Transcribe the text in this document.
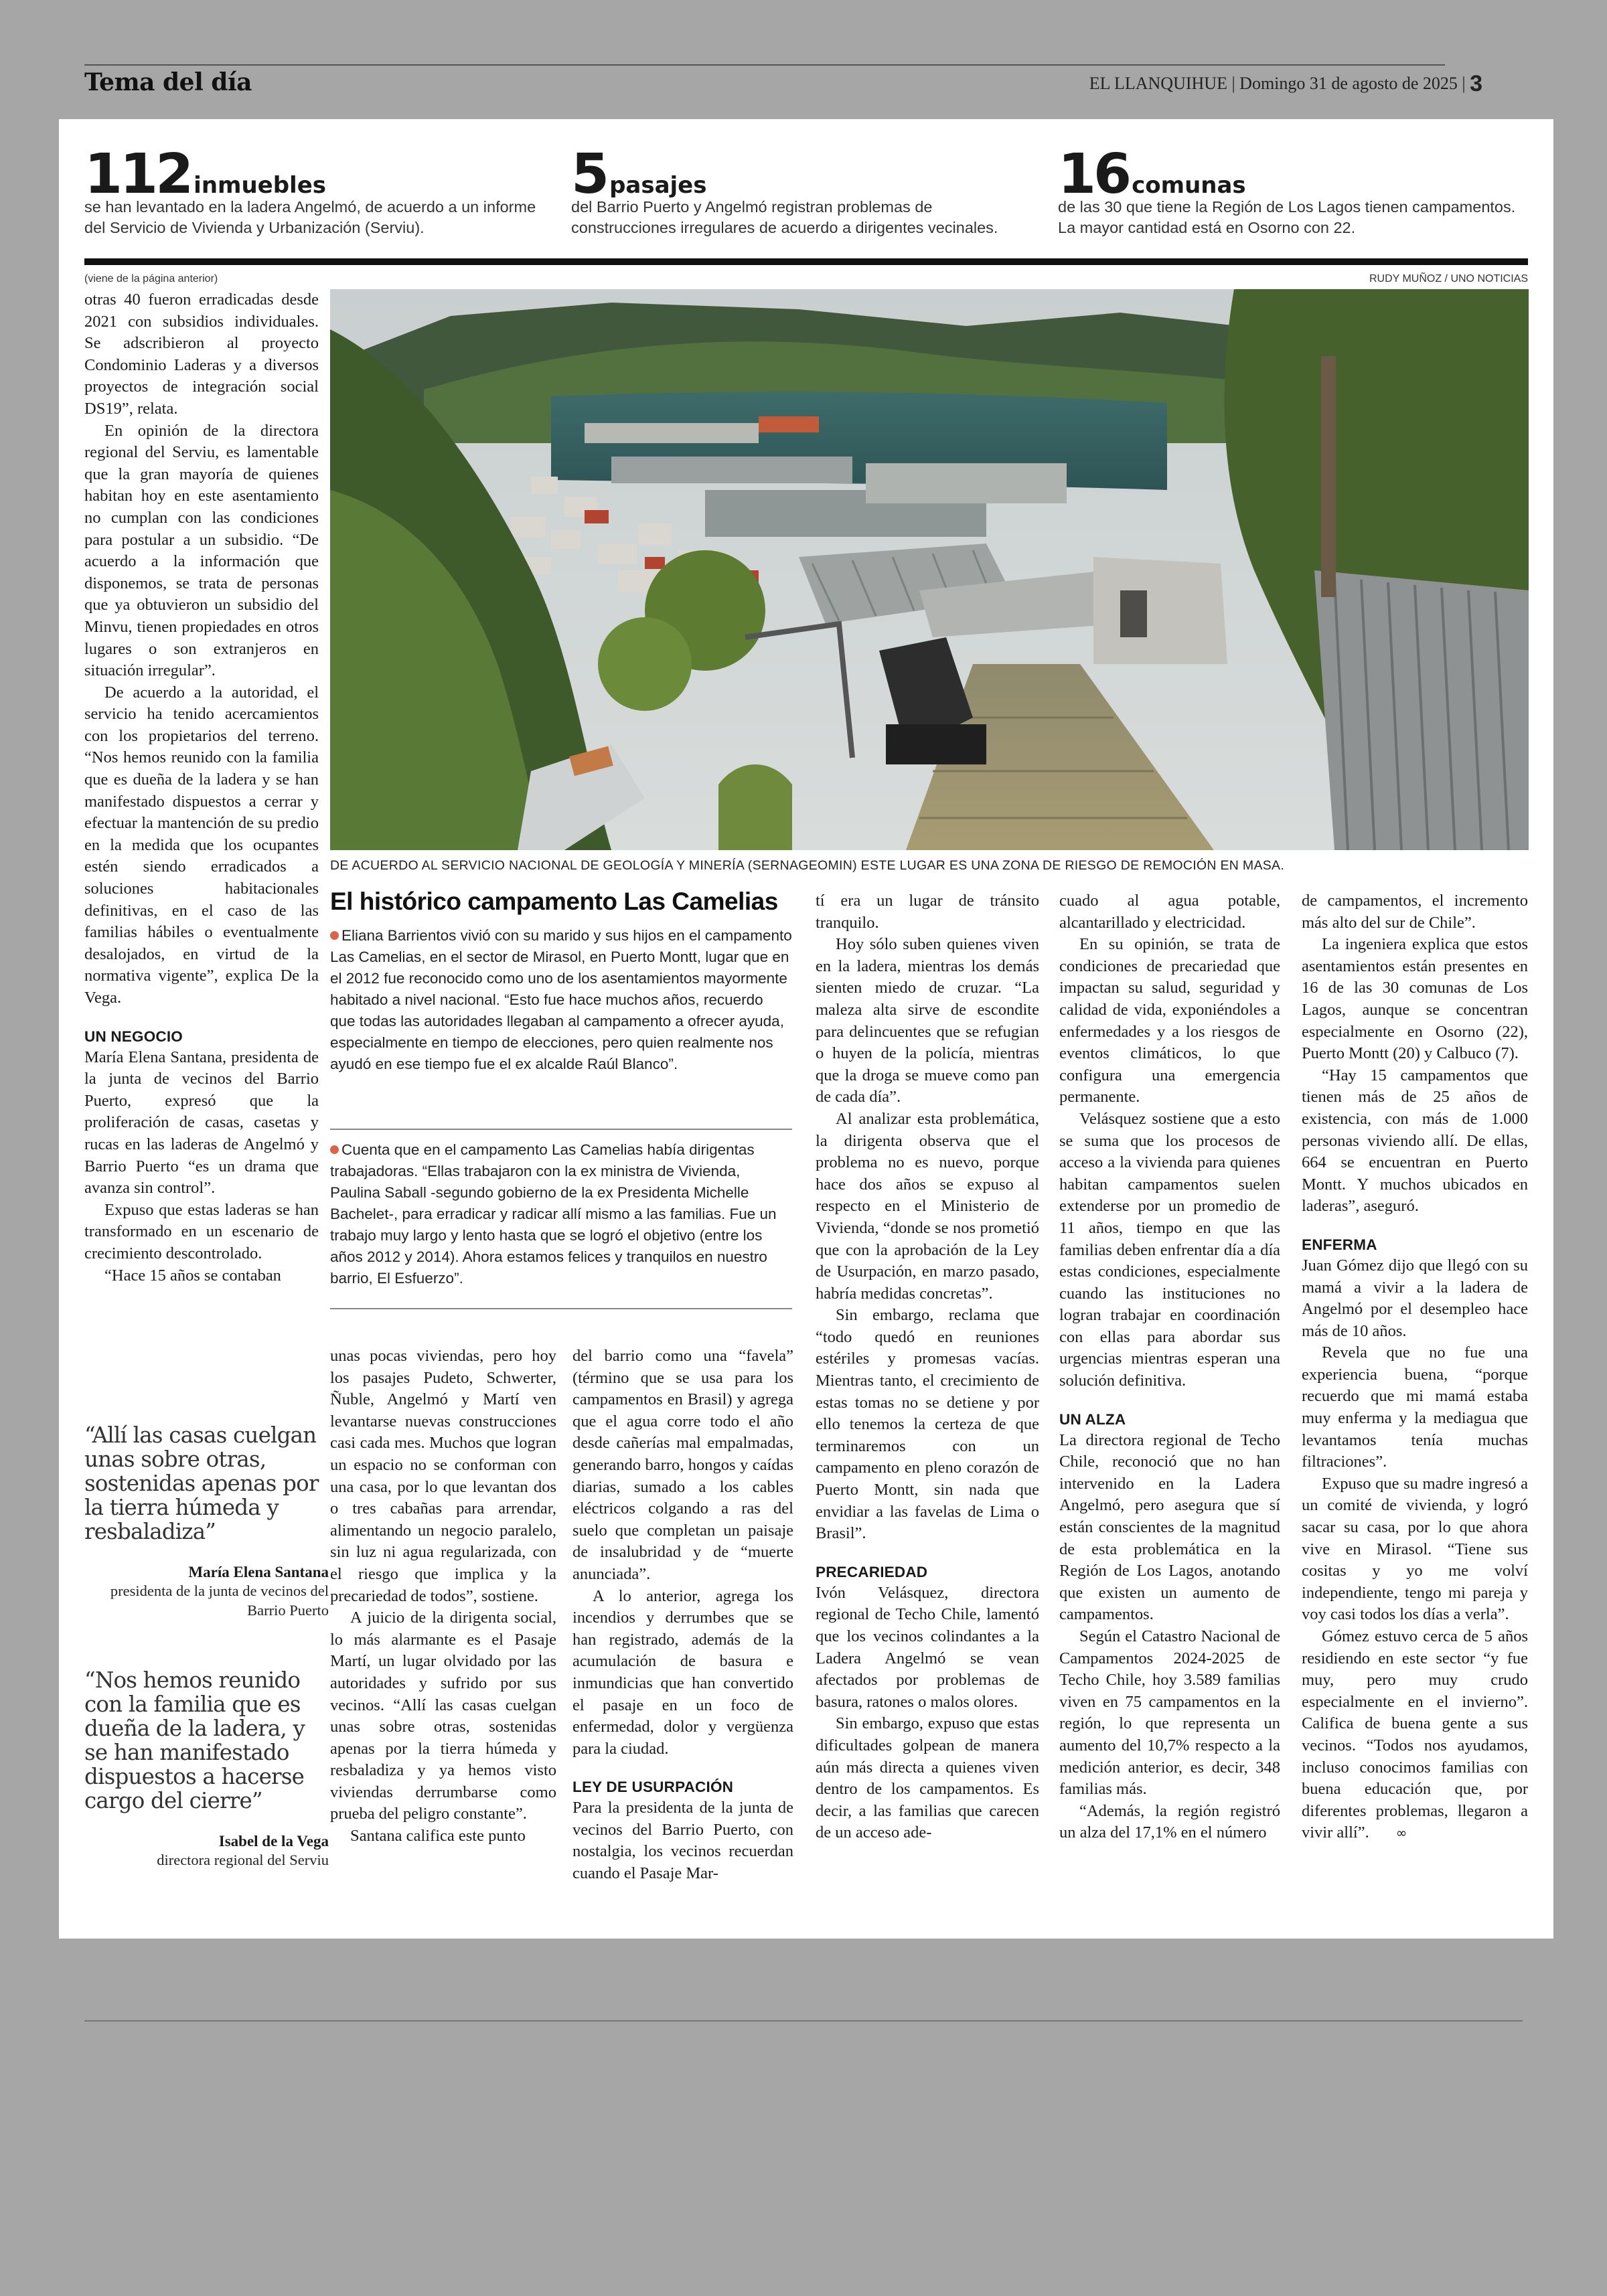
Tema del día	EL LLANQUIHUE | Domingo 31 de agosto de 2025 | 3
112 inmuebles
se han levantado en la ladera Angelmó, de acuerdo a un informe del Servicio de Vivienda y Urbanización (Serviu).
5 pasajes
del Barrio Puerto y Angelmó registran problemas de construcciones irregulares de acuerdo a dirigentes vecinales.
16 comunas
de las 30 que tiene la Región de Los Lagos tienen campamentos. La mayor cantidad está en Osorno con 22.
(viene de la página anterior)	RUDY MUÑOZ / UNO NOTICIAS
DE ACUERDO AL SERVICIO NACIONAL DE GEOLOGÍA Y MINERÍA (SERNAGEOMIN) ESTE LUGAR ES UNA ZONA DE RIESGO DE REMOCIÓN EN MASA.

otras 40 fueron erradicadas desde 2021 con subsidios individuales. Se adscribieron al proyecto Condominio Laderas y a diversos proyectos de integración social DS19”, relata.

En opinión de la directora regional del Serviu, es lamentable que la gran mayoría de quienes habitan hoy en este asentamiento no cumplan con las condiciones para postular a un subsidio. “De acuerdo a la información que disponemos, se trata de personas que ya obtuvieron un subsidio del Minvu, tienen propiedades en otros lugares o son extranjeros en situación irregular”.

De acuerdo a la autoridad, el servicio ha tenido acercamientos con los propietarios del terreno. “Nos hemos reunido con la familia que es dueña de la ladera y se han manifestado dispuestos a cerrar y efectuar la mantención de su predio en la medida que los ocupantes estén siendo erradicados a soluciones habitacionales definitivas, en el caso de las familias hábiles o eventualmente desalojados, en virtud de la normativa vigente”, explica De la Vega.

UN NEGOCIO

María Elena Santana, presidenta de la junta de vecinos del Barrio Puerto, expresó que la proliferación de casas, casetas y rucas en las laderas de Angelmó y Barrio Puerto “es un drama que avanza sin control”.

Expuso que estas laderas se han transformado en un escenario de crecimiento descontrolado.

“Hace 15 años se contaban

“Allí las casas cuelgan unas sobre otras, sostenidas apenas por la tierra húmeda y resbaladiza”
María Elena Santana
presidenta de la junta de vecinos del Barrio Puerto
“Nos hemos reunido con la familia que es dueña de la ladera, y se han manifestado dispuestos a hacerse cargo del cierre”
Isabel de la Vega
directora regional del Serviu
El histórico campamento Las Camelias
Eliana Barrientos vivió con su marido y sus hijos en el campamento Las Camelias, en el sector de Mirasol, en Puerto Montt, lugar que en el 2012 fue reconocido como uno de los asentamientos mayormente habitado a nivel nacional. “Esto fue hace muchos años, recuerdo que todas las autoridades llegaban al campamento a ofrecer ayuda, especialmente en tiempo de elecciones, pero quien realmente nos ayudó en ese tiempo fue el ex alcalde Raúl Blanco”.
Cuenta que en el campamento Las Camelias había dirigentas trabajadoras. “Ellas trabajaron con la ex ministra de Vivienda, Paulina Saball -segundo gobierno de la ex Presidenta Michelle Bachelet-, para erradicar y radicar allí mismo a las familias. Fue un trabajo muy largo y lento hasta que se logró el objetivo (entre los años 2012 y 2014). Ahora estamos felices y tranquilos en nuestro barrio, El Esfuerzo”.

unas pocas viviendas, pero hoy los pasajes Pudeto, Schwerter, Ñuble, Angelmó y Martí ven levantarse nuevas construcciones casi cada mes. Muchos que logran un espacio no se conforman con una casa, por lo que levantan dos o tres cabañas para arrendar, alimentando un negocio paralelo, sin luz ni agua regularizada, con el riesgo que implica y la precariedad de todos”, sostiene.

A juicio de la dirigenta social, lo más alarmante es el Pasaje Martí, un lugar olvidado por las autoridades y sufrido por sus vecinos. “Allí las casas cuelgan unas sobre otras, sostenidas apenas por la tierra húmeda y resbaladiza y ya hemos visto viviendas derrumbarse como prueba del peligro constante”.

Santana califica este punto

del barrio como una “favela” (término que se usa para los campamentos en Brasil) y agrega que el agua corre todo el año desde cañerías mal empalmadas, generando barro, hongos y caídas diarias, sumado a los cables eléctricos colgando a ras del suelo que completan un paisaje de insalubridad y de “muerte anunciada”.

A lo anterior, agrega los incendios y derrumbes que se han registrado, además de la acumulación de basura e inmundicias que han convertido el pasaje en un foco de enfermedad, dolor y vergüenza para la ciudad.

LEY DE USURPACIÓN

Para la presidenta de la junta de vecinos del Barrio Puerto, con nostalgia, los vecinos recuerdan cuando el Pasaje Mar-

tí era un lugar de tránsito tranquilo.

Hoy sólo suben quienes viven en la ladera, mientras los demás sienten miedo de cruzar. “La maleza alta sirve de escondite para delincuentes que se refugian o huyen de la policía, mientras que la droga se mueve como pan de cada día”.

Al analizar esta problemática, la dirigenta observa que el problema no es nuevo, porque hace dos años se expuso al respecto en el Ministerio de Vivienda, “donde se nos prometió que con la aprobación de la Ley de Usurpación, en marzo pasado, habría medidas concretas”.

Sin embargo, reclama que “todo quedó en reuniones estériles y promesas vacías. Mientras tanto, el crecimiento de estas tomas no se detiene y por ello tenemos la certeza de que terminaremos con un campamento en pleno corazón de Puerto Montt, sin nada que envidiar a las favelas de Lima o Brasil”.

PRECARIEDAD

Ivón Velásquez, directora regional de Techo Chile, lamentó que los vecinos colindantes a la Ladera Angelmó se vean afectados por problemas de basura, ratones o malos olores.

Sin embargo, expuso que estas dificultades golpean de manera aún más directa a quienes viven dentro de los campamentos. Es decir, a las familias que carecen de un acceso ade-

cuado al agua potable, alcantarillado y electricidad.

En su opinión, se trata de condiciones de precariedad que impactan su salud, seguridad y calidad de vida, exponiéndoles a enfermedades y a los riesgos de eventos climáticos, lo que configura una emergencia permanente.

Velásquez sostiene que a esto se suma que los procesos de acceso a la vivienda para quienes habitan campamentos suelen extenderse por un promedio de 11 años, tiempo en que las familias deben enfrentar día a día estas condiciones, especialmente cuando las instituciones no logran trabajar en coordinación con ellas para abordar sus urgencias mientras esperan una solución definitiva.

UN ALZA

La directora regional de Techo Chile, reconoció que no han intervenido en la Ladera Angelmó, pero asegura que sí están conscientes de la magnitud de esta problemática en la Región de Los Lagos, anotando que existen un aumento de campamentos.

Según el Catastro Nacional de Campamentos 2024-2025 de Techo Chile, hoy 3.589 familias viven en 75 campamentos en la región, lo que representa un aumento del 10,7% respecto a la medición anterior, es decir, 348 familias más.

“Además, la región registró un alza del 17,1% en el número

de campamentos, el incremento más alto del sur de Chile”.

La ingeniera explica que estos asentamientos están presentes en 16 de las 30 comunas de Los Lagos, aunque se concentran especialmente en Osorno (22), Puerto Montt (20) y Calbuco (7).

“Hay 15 campamentos que tienen más de 25 años de existencia, con más de 1.000 personas viviendo allí. De ellas, 664 se encuentran en Puerto Montt. Y muchos ubicados en laderas”, aseguró.

ENFERMA

Juan Gómez dijo que llegó con su mamá a vivir a la ladera de Angelmó por el desempleo hace más de 10 años.

Revela que no fue una experiencia buena, “porque recuerdo que mi mamá estaba muy enferma y la mediagua que levantamos tenía muchas filtraciones”.

Expuso que su madre ingresó a un comité de vivienda, y logró sacar su casa, por lo que ahora vive en Mirasol. “Tiene sus cositas y yo me volví independiente, tengo mi pareja y voy casi todos los días a verla”.

Gómez estuvo cerca de 5 años residiendo en este sector “y fue muy, pero muy crudo especialmente en el invierno”. Califica de buena gente a sus vecinos. “Todos nos ayudamos, incluso conocimos familias con buena educación que, por diferentes problemas, llegaron a vivir allí”. ∞
